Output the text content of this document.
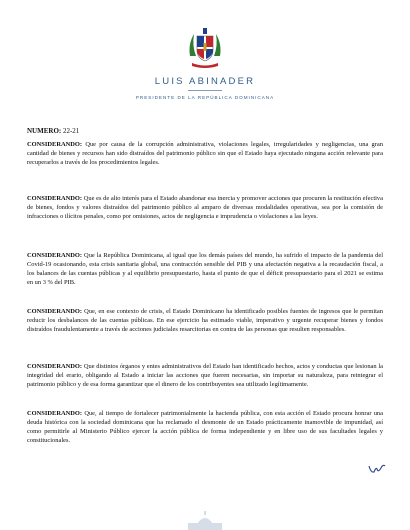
LUIS ABINADER
PRESIDENTE DE LA REPÚBLICA DOMINICANA
NUMERO: 22-21

CONSIDERANDO: Que por causa de la corrupción administrativa, violaciones legales, irregularidades y negligencias, una gran cantidad de bienes y recursos han sido distraídos del patrimonio público sin que el Estado haya ejecutado ninguna acción relevante para recuperarlos a través de los procedimientos legales.

CONSIDERANDO: Que es de alto interés para el Estado abandonar esa inercia y promover acciones que procuren la restitución efectiva de bienes, fondos y valores distraídos del patrimonio público al amparo de diversas modalidades operativas, sea por la comisión de infracciones o ilícitos penales, como por omisiones, actos de negligencia e imprudencia o violaciones a las leyes.

CONSIDERANDO: Que la República Dominicana, al igual que los demás países del mundo, ha sufrido el impacto de la pandemia del Covid-19 ocasionando, esta crisis sanitaria global, una contracción sensible del PIB y una afectación negativa a la recaudación fiscal, a los balances de las cuentas públicas y al equilibrio presupuestario, hasta el punto de que el déficit presupuestario para el 2021 se estima en un 3 % del PIB.

CONSIDERANDO: Que, en ese contexto de crisis, el Estado Dominicano ha identificado posibles fuentes de ingresos que le permitan reducir los desbalances de las cuentas públicas. En ese ejercicio ha estimado viable, imperativo y urgente recuperar bienes y fondos distraídos fraudulentamente a través de acciones judiciales resarcitorias en contra de las personas que resulten responsables.

CONSIDERANDO: Que distintos órganos y entes administrativos del Estado han identificado hechos, actos y conductas que lesionan la integridad del erario, obligando al Estado a iniciar las acciones que fueren necesarias, sin importar su naturaleza, para reintegrar el patrimonio público y de esa forma garantizar que el dinero de los contribuyentes sea utilizado legítimamente.

CONSIDERANDO: Que, al tiempo de fortalecer patrimonialmente la hacienda pública, con esta acción el Estado procura honrar una deuda histórica con la sociedad dominicana que ha reclamado el desmonte de un Estado prácticamente inamovible de impunidad, así como permitirle al Ministerio Público ejercer la acción pública de forma independiente y en libre uso de sus facultades legales y constitucionales.
